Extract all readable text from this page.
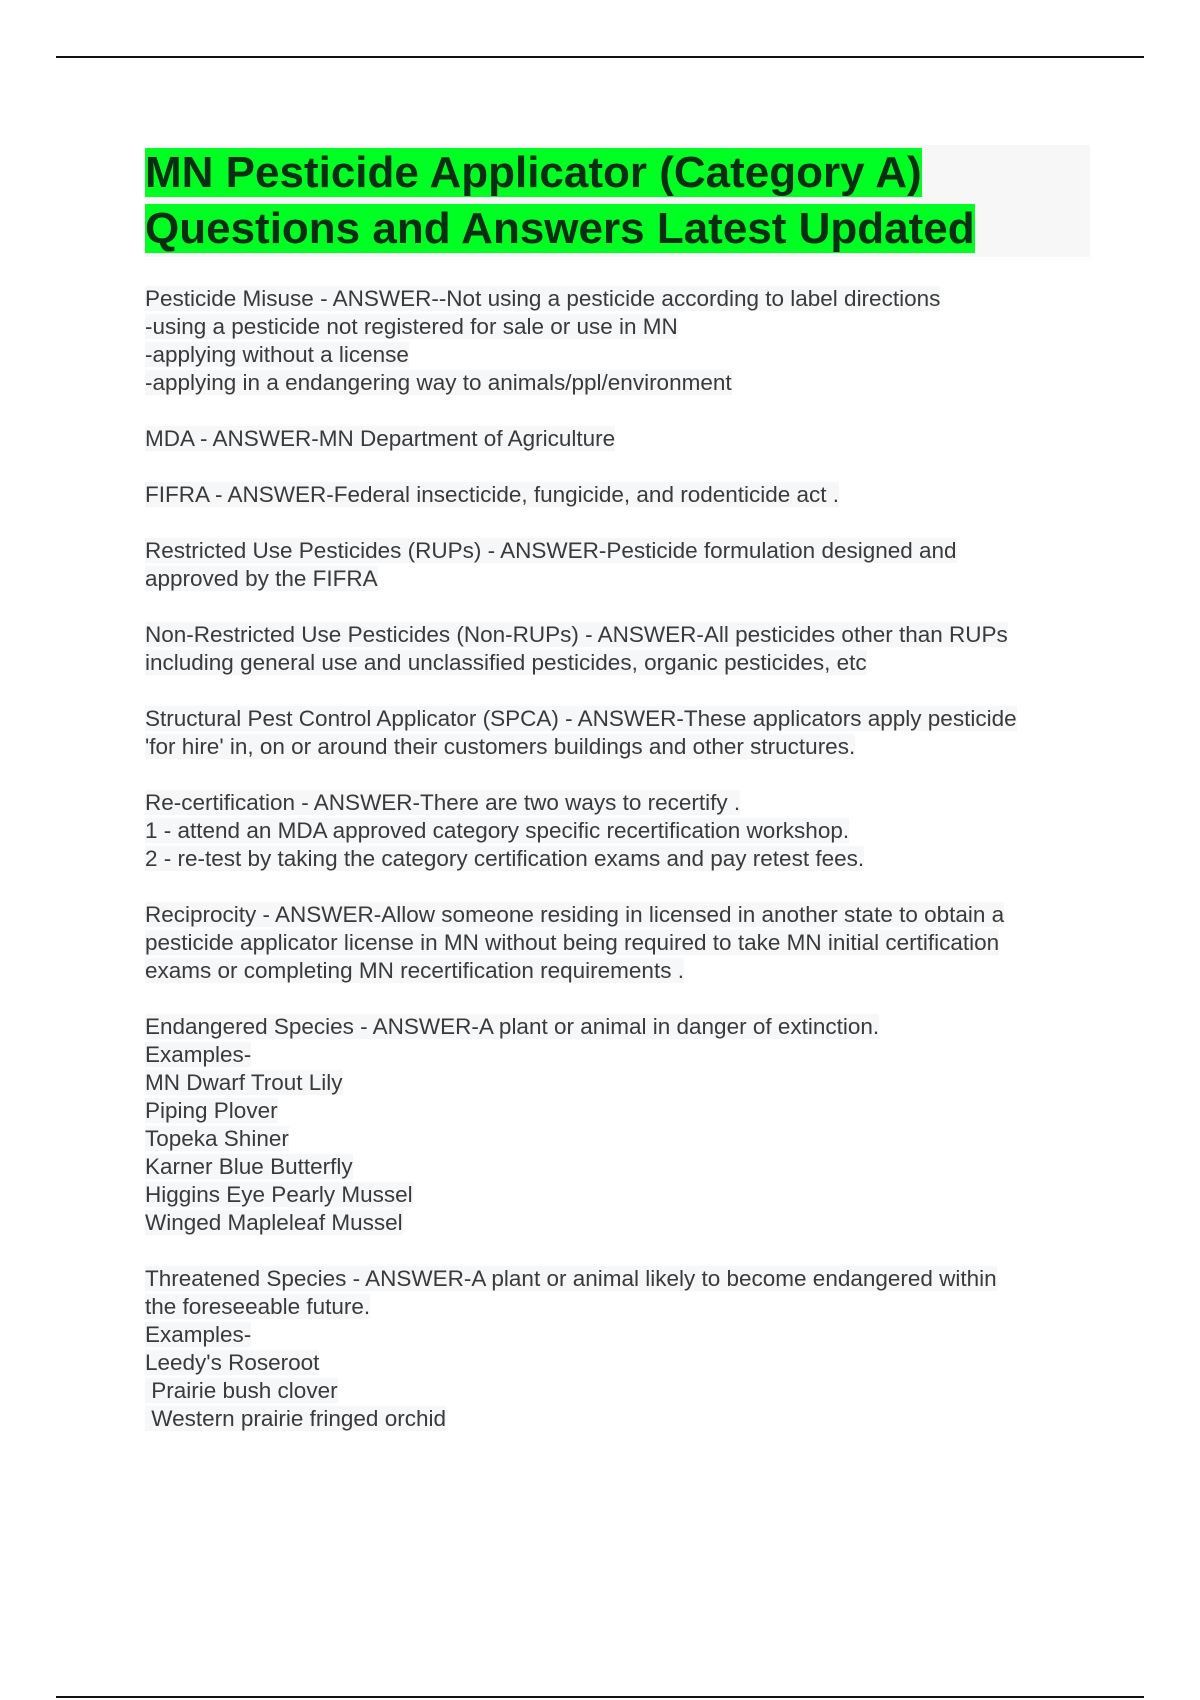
MN Pesticide Applicator (Category A)
Questions and Answers Latest Updated
Pesticide Misuse - ANSWER--Not using a pesticide according to label directions
-using a pesticide not registered for sale or use in MN
-applying without a license
-applying in a endangering way to animals/ppl/environment
MDA - ANSWER-MN Department of Agriculture
FIFRA - ANSWER-Federal insecticide, fungicide, and rodenticide act .
Restricted Use Pesticides (RUPs) - ANSWER-Pesticide formulation designed and
approved by the FIFRA
Non-Restricted Use Pesticides (Non-RUPs) - ANSWER-All pesticides other than RUPs
including general use and unclassified pesticides, organic pesticides, etc
Structural Pest Control Applicator (SPCA) - ANSWER-These applicators apply pesticide
'for hire' in, on or around their customers buildings and other structures.
Re-certification - ANSWER-There are two ways to recertify .
1 - attend an MDA approved category specific recertification workshop.
2 - re-test by taking the category certification exams and pay retest fees.
Reciprocity - ANSWER-Allow someone residing in licensed in another state to obtain a
pesticide applicator license in MN without being required to take MN initial certification
exams or completing MN recertification requirements .
Endangered Species - ANSWER-A plant or animal in danger of extinction.
Examples-
MN Dwarf Trout Lily
Piping Plover
Topeka Shiner
Karner Blue Butterfly
Higgins Eye Pearly Mussel
Winged Mapleleaf Mussel
Threatened Species - ANSWER-A plant or animal likely to become endangered within
the foreseeable future.
Examples-
Leedy's Roseroot
Prairie bush clover
Western prairie fringed orchid
